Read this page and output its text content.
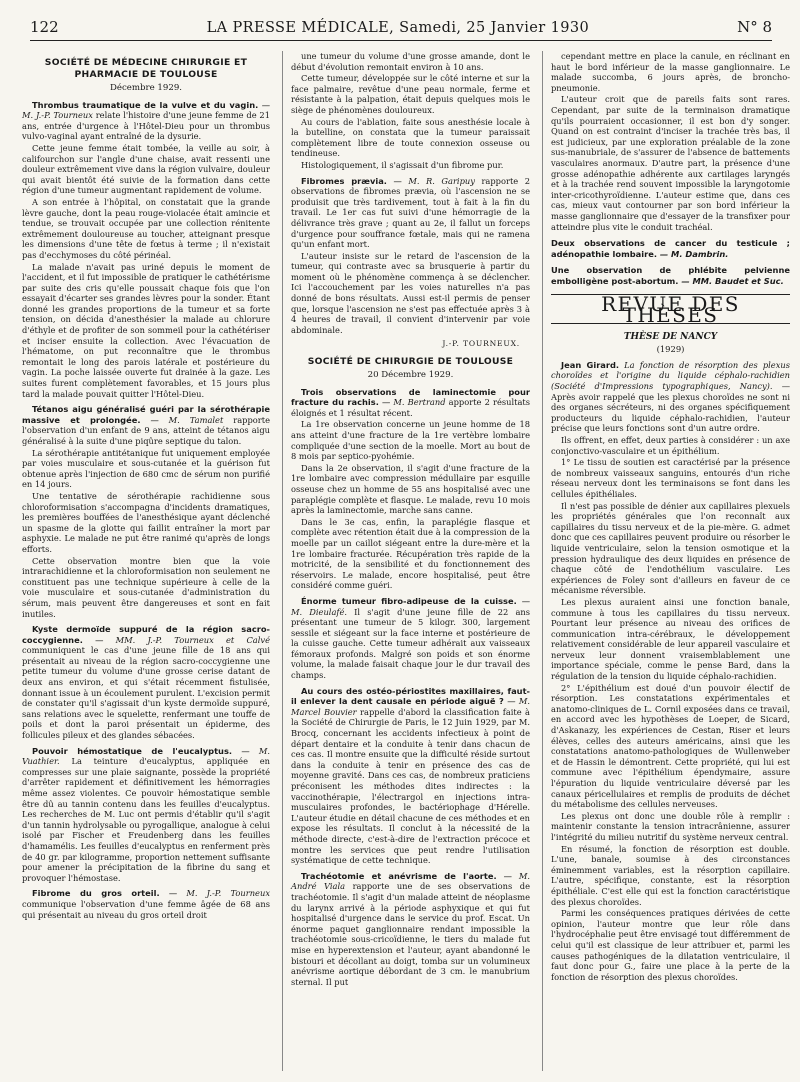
122	LA PRESSE MÉDICALE, Samedi, 25 Janvier 1930	N° 8
SOCIÉTÉ DE MÉDECINE CHIRURGIE ET PHARMACIE DE TOULOUSE
Décembre 1929.
Thrombus traumatique de la vulve et du vagin. — M. J.-P. Tourneux relate l'histoire d'une jeune femme de 21 ans, entrée d'urgence à l'Hôtel-Dieu pour un thrombus vulvo-vaginal ayant entraîné de la dysurie.
Cette jeune femme était tombée, la veille au soir, à califourchon sur l'angle d'une chaise, avait ressenti une douleur extrêmement vive dans la région vulvaire, douleur qui avait bientôt été suivie de la formation dans cette région d'une tumeur augmentant rapidement de volume.
A son entrée à l'hôpital, on constatait que la grande lèvre gauche, dont la peau rouge-violacée était amincie et tendue, se trouvait occupée par une collection rénitente extrêmement douloureuse au toucher, atteignant presque les dimensions d'une tête de fœtus à terme ; il n'existait pas d'ecchymoses du côté périnéal.
La malade n'avait pas uriné depuis le moment de l'accident, et il fut impossible de pratiquer le cathétérisme par suite des cris qu'elle poussait chaque fois que l'on essayait d'écarter ses grandes lèvres pour la sonder. Étant donné les grandes proportions de la tumeur et sa forte tension, on décida d'anesthésier la malade au chlorure d'éthyle et de profiter de son sommeil pour la cathétériser et inciser ensuite la collection. Avec l'évacuation de l'hématome, on put reconnaître que le thrombus remontait le long des parois latérale et postérieure du vagin. La poche laissée ouverte fut drainée à la gaze. Les suites furent complètement favorables, et 15 jours plus tard la malade pouvait quitter l'Hôtel-Dieu.
Tétanos aigu généralisé guéri par la sérothérapie massive et prolongée. — M. Tamalet rapporte l'observation d'un enfant de 9 ans, atteint de tétanos aigu généralisé à la suite d'une piqûre septique du talon.
La sérothérapie antitétanique fut uniquement employée par voies musculaire et sous-cutanée et la guérison fut obtenue après l'injection de 680 cmc de sérum non purifié en 14 jours.
Une tentative de sérothérapie rachidienne sous chloroformisation s'accompagna d'incidents dramatiques, les premières bouffées de l'anesthésique ayant déclenché un spasme de la glotte qui faillit entraîner la mort par asphyxie. Le malade ne put être ranimé qu'après de longs efforts.
Cette observation montre bien que la voie intrarachidienne et la chloroformisation non seulement ne constituent pas une technique supérieure à celle de la voie musculaire et sous-cutanée d'administration du sérum, mais peuvent être dangereuses et sont en fait inutiles.
Kyste dermoïde suppuré de la région sacro-coccygienne. — MM. J.-P. Tourneux et Calvé communiquent le cas d'une jeune fille de 18 ans qui présentait au niveau de la région sacro-coccygienne une petite tumeur du volume d'une grosse cerise datant de deux ans environ, et qui s'était récemment fistulisée, donnant issue à un écoulement purulent. L'excision permit de constater qu'il s'agissait d'un kyste dermoïde suppuré, sans relations avec le squelette, renfermant une touffe de poils et dont la paroi présentait un épiderme, des follicules pileux et des glandes sébacées.
Pouvoir hémostatique de l'eucalyptus. — M. Vuathier. La teinture d'eucalyptus, appliquée en compresses sur une plaie saignante, possède la propriété d'arrêter rapidement et définitivement les hémorragies même assez violentes. Ce pouvoir hémostatique semble être dû au tannin contenu dans les feuilles d'eucalyptus. Les recherches de M. Luc ont permis d'établir qu'il s'agit d'un tannin hydrolysable ou pyrogallique, analogue à celui isolé par Fischer et Freudenberg dans les feuilles d'hamamélis. Les feuilles d'eucalyptus en renferment près de 40 gr. par kilogramme, proportion nettement suffisante pour amener la précipitation de la fibrine du sang et provoquer l'hémostase.
Fibrome du gros orteil. — M. J.-P. Tourneux communique l'observation d'une femme âgée de 68 ans qui présentait au niveau du gros orteil droit
une tumeur du volume d'une grosse amande, dont le début d'évolution remontait environ à 10 ans.
Cette tumeur, développée sur le côté interne et sur la face palmaire, revêtue d'une peau normale, ferme et résistante à la palpation, était depuis quelques mois le siège de phénomènes douloureux.
Au cours de l'ablation, faite sous anesthésie locale à la butelline, on constata que la tumeur paraissait complètement libre de toute connexion osseuse ou tendineuse.
Histologiquement, il s'agissait d'un fibrome pur.
Fibromes prævia. — M. R. Garipuy rapporte 2 observations de fibromes prævia, où l'ascension ne se produisit que très tardivement, tout à fait à la fin du travail. Le 1er cas fut suivi d'une hémorragie de la délivrance très grave ; quant au 2e, il fallut un forceps d'urgence pour souffrance fœtale, mais qui ne ramena qu'un enfant mort.
L'auteur insiste sur le retard de l'ascension de la tumeur, qui contraste avec sa brusquerie à partir du moment où le phénomène commença à se déclencher. Ici l'accouchement par les voies naturelles n'a pas donné de bons résultats. Aussi est-il permis de penser que, lorsque l'ascension ne s'est pas effectuée après 3 à 4 heures de travail, il convient d'intervenir par voie abdominale.
J.-P. TOURNEUX.
SOCIÉTÉ DE CHIRURGIE DE TOULOUSE
20 Décembre 1929.
Trois observations de laminectomie pour fracture du rachis. — M. Bertrand apporte 2 résultats éloignés et 1 résultat récent.
La 1re observation concerne un jeune homme de 18 ans atteint d'une fracture de la 1re vertèbre lombaire compliquée d'une section de la moelle. Mort au bout de 8 mois par septico-pyohémie.
Dans la 2e observation, il s'agit d'une fracture de la 1re lombaire avec compression médullaire par esquille osseuse chez un homme de 55 ans hospitalisé avec une paraplégie complète et flasque. Le malade, revu 10 mois après la laminectomie, marche sans canne.
Dans le 3e cas, enfin, la paraplégie flasque et complète avec rétention était due à la compression de la moelle par un caillot siégeant entre la dure-mère et la 1re lombaire fracturée. Récupération très rapide de la motricité, de la sensibilité et du fonctionnement des réservoirs. Le malade, encore hospitalisé, peut être considéré comme guéri.
Énorme tumeur fibro-adipeuse de la cuisse. — M. Dieulafé. Il s'agit d'une jeune fille de 22 ans présentant une tumeur de 5 kilogr. 300, largement sessile et siégeant sur la face interne et postérieure de la cuisse gauche. Cette tumeur adhérait aux vaisseaux fémoraux profonds. Malgré son poids et son énorme volume, la malade faisait chaque jour le dur travail des champs.
Au cours des ostéo-périostites maxillaires, faut-il enlever la dent causale en période aiguë ? — M. Marcel Bouvier rappelle d'abord la classification faite à la Société de Chirurgie de Paris, le 12 Juin 1929, par M. Brocq, concernant les accidents infectieux à point de départ dentaire et la conduite à tenir dans chacun de ces cas. Il montre ensuite que la difficulté réside surtout dans la conduite à tenir en présence des cas de moyenne gravité. Dans ces cas, de nombreux praticiens préconisent les méthodes dites indirectes : la vaccinothérapie, l'électrargol en injections intra-musculaires profondes, le bactériophage d'Hérelle. L'auteur étudie en détail chacune de ces méthodes et en expose les résultats. Il conclut à la nécessité de la méthode directe, c'est-à-dire de l'extraction précoce et montre les services que peut rendre l'utilisation systématique de cette technique.
Trachéotomie et anévrisme de l'aorte. — M. André Viala rapporte une de ses observations de trachéotomie. Il s'agit d'un malade atteint de néoplasme du larynx arrivé à la période asphyxique et qui fut hospitalisé d'urgence dans le service du prof. Escat. Un énorme paquet ganglionnaire rendant impossible la trachéotomie sous-cricoïdienne, le tiers du malade fut mise en hyperextension et l'auteur, ayant abandonné le bistouri et décollant au doigt, tomba sur un volumineux anévrisme aortique débordant de 3 cm. le manubrium sternal. Il put
cependant mettre en place la canule, en réclinant en haut le bord inférieur de la masse ganglionnaire. Le malade succomba, 6 jours après, de broncho-pneumonie.
L'auteur croit que de pareils faits sont rares. Cependant, par suite de la terminaison dramatique qu'ils pourraient occasionner, il est bon d'y songer. Quand on est contraint d'inciser la trachée très bas, il est judicieux, par une exploration préalable de la zone sus-manubriale, de s'assurer de l'absence de battements vasculaires anormaux. D'autre part, la présence d'une grosse adénopathie adhérente aux cartilages laryngés et à la trachée rend souvent impossible la laryngotomie inter-cricothyroïdienne. L'auteur estime que, dans ces cas, mieux vaut contourner par son bord inférieur la masse ganglionnaire que d'essayer de la transfixer pour atteindre plus vite le conduit trachéal.
Deux observations de cancer du testicule ; adénopathie lombaire. — M. Dambrin.
Une observation de phlébite pelvienne embolligène post-abortum. — MM. Baudet et Suc.
REVUE DES THÈSES
THÈSE DE NANCY
(1929)
Jean Girard. La fonction de résorption des plexus choroïdes et l'origine du liquide céphalo-rachidien (Société d'Impressions typographiques, Nancy). — Après avoir rappelé que les plexus choroïdes ne sont ni des organes sécréteurs, ni des organes spécifiquement producteurs du liquide céphalo-rachidien, l'auteur précise que leurs fonctions sont d'un autre ordre.
Ils offrent, en effet, deux parties à considérer : un axe conjonctivo-vasculaire et un épithélium.
1° Le tissu de soutien est caractérisé par la présence de nombreux vaisseaux sanguins, entourés d'un riche réseau nerveux dont les terminaisons se font dans les cellules épithéliales.
Il n'est pas possible de dénier aux capillaires plexuels les propriétés générales que l'on reconnaît aux capillaires du tissu nerveux et de la pie-mère. G. admet donc que ces capillaires peuvent produire ou résorber le liquide ventriculaire, selon la tension osmotique et la pression hydraulique des deux liquides en présence de chaque côté de l'endothélium vasculaire. Les expériences de Foley sont d'ailleurs en faveur de ce mécanisme réversible.
Les plexus auraient ainsi une fonction banale, commune à tous les capillaires du tissu nerveux. Pourtant leur présence au niveau des orifices de communication intra-cérébraux, le développement relativement considérable de leur appareil vasculaire et nerveux leur donnent vraisemblablement une importance spéciale, comme le pense Bard, dans la régulation de la tension du liquide céphalo-rachidien.
2° L'épithélium est doué d'un pouvoir électif de résorption. Les constatations expérimentales et anatomo-cliniques de L. Cornil exposées dans ce travail, en accord avec les hypothèses de Loeper, de Sicard, d'Askanazy, les expériences de Cestan, Riser et leurs élèves, celles des auteurs américains, ainsi que les constatations anatomo-pathologiques de Wullenweber et de Hassin le démontrent. Cette propriété, qui lui est commune avec l'épithélium épendymaire, assure l'épuration du liquide ventriculaire déversé par les canaux péricellulaires et remplis de produits de déchet du métabolisme des cellules nerveuses.
Les plexus ont donc une double rôle à remplir : maintenir constante la tension intracrânienne, assurer l'intégrité du milieu nutritif du système nerveux central.
En résumé, la fonction de résorption est double. L'une, banale, soumise à des circonstances éminemment variables, est la résorption capillaire. L'autre, spécifique, constante, est la résorption épithéliale. C'est elle qui est la fonction caractéristique des plexus choroïdes.
Parmi les conséquences pratiques dérivées de cette opinion, l'auteur montre que leur rôle dans l'hydrocéphalie peut être envisagé tout différemment de celui qu'il est classique de leur attribuer et, parmi les causes pathogéniques de la dilatation ventriculaire, il faut donc pour G., faire une place à la perte de la fonction de résorption des plexus choroïdes.
